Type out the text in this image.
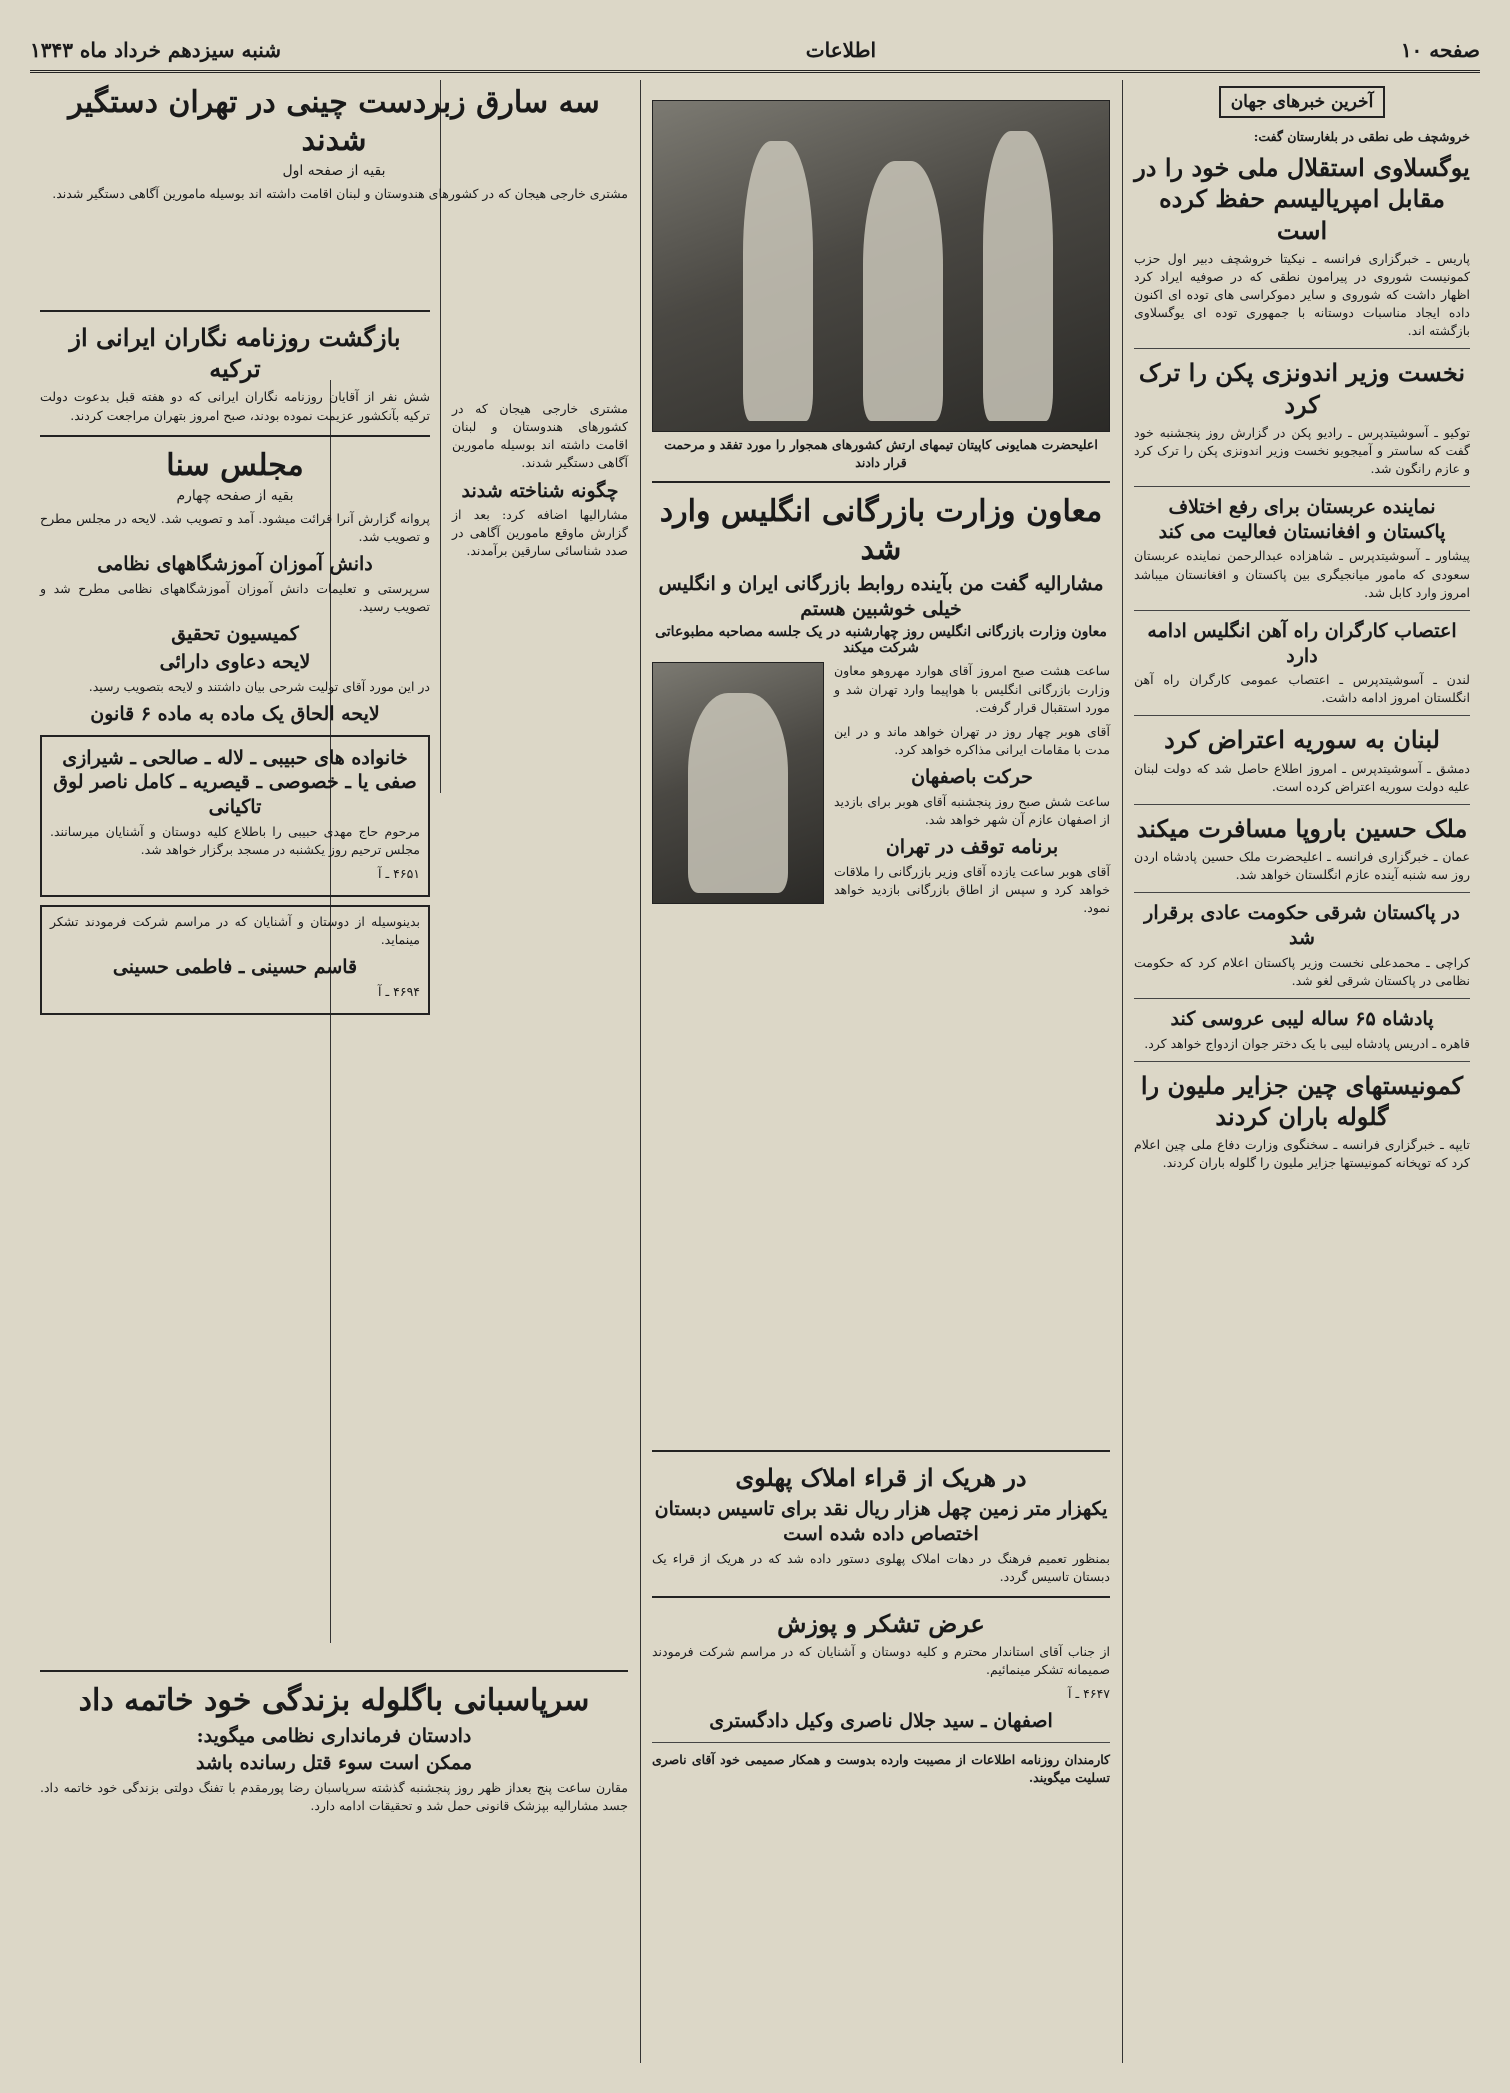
صفحه ١٠
اطلاعات
شنبه سیزدهم خرداد ماه ۱۳۴۳
آخرین خبرهای جهان
خروشچف طی نطقی در بلغارستان گفت:
یوگسلاوی استقلال ملی خود را در مقابل امپریالیسم حفظ کرده است
پاریس ـ خبرگزاری فرانسه ـ نیکیتا خروشچف دبیر اول حزب کمونیست شوروی در پیرامون نطقی که در صوفیه ایراد کرد اظهار داشت که شوروی و سایر دموکراسی های توده ای اکنون داده ایجاد مناسبات دوستانه با جمهوری توده ای یوگسلاوی بازگشته اند.
نخست وزیر اندونزی پکن را ترک کرد
توکیو ـ آسوشیتدپرس ـ رادیو پکن در گزارش روز پنجشنبه خود گفت که ساستر و آمیجویو نخست وزیر اندونزی پکن را ترک کرد و عازم رانگون شد.
نماینده عربستان برای رفع اختلاف پاکستان و افغانستان فعالیت می کند
پیشاور ـ آسوشیتدپرس ـ شاهزاده عبدالرحمن نماینده عربستان سعودی که مامور میانجیگری بین پاکستان و افغانستان میباشد امروز وارد کابل شد.
اعتصاب کارگران راه آهن انگلیس ادامه دارد
لندن ـ آسوشیتدپرس ـ اعتصاب عمومی کارگران راه آهن انگلستان امروز ادامه داشت.
لبنان به سوریه اعتراض کرد
دمشق ـ آسوشیتدپرس ـ امروز اطلاع حاصل شد که دولت لبنان علیه دولت سوریه اعتراض کرده است.
ملک حسین باروپا مسافرت میکند
عمان ـ خبرگزاری فرانسه ـ اعلیحضرت ملک حسین پادشاه اردن روز سه شنبه آینده عازم انگلستان خواهد شد.
در پاکستان شرقی حکومت عادی برقرار شد
کراچی ـ محمدعلی نخست وزیر پاکستان اعلام کرد که حکومت نظامی در پاکستان شرقی لغو شد.
پادشاه ۶۵ ساله لیبی عروسی کند
قاهره ـ ادریس پادشاه لیبی با یک دختر جوان ازدواج خواهد کرد.
کمونیستهای چین جزایر ملیون را گلوله باران کردند
تایپه ـ خبرگزاری فرانسه ـ سخنگوی وزارت دفاع ملی چین اعلام کرد که توپخانه کمونیستها جزایر ملیون را گلوله باران کردند.
اعلیحضرت همایونی کاپیتان تیمهای ارتش کشورهای همجوار را مورد تفقد و مرحمت قرار دادند
معاون وزارت بازرگانی انگلیس وارد شد
مشارالیه گفت من بآینده روابط بازرگانی ایران و انگلیس خیلی خوشبین هستم
معاون وزارت بازرگانی انگلیس روز چهارشنبه در یک جلسه مصاحبه مطبوعاتی شرکت میکند
ساعت هشت صبح امروز آقای هوارد مهروهو معاون وزارت بازرگانی انگلیس با هواپیما وارد تهران شد و مورد استقبال قرار گرفت.
آقای هوبر چهار روز در تهران خواهد ماند و در این مدت با مقامات ایرانی مذاکره خواهد کرد.
حرکت باصفهان
ساعت شش صبح روز پنجشنبه آقای هوبر برای بازدید از اصفهان عازم آن شهر خواهد شد.
برنامه توقف در تهران
آقای هوبر ساعت یازده آقای وزیر بازرگانی را ملاقات خواهد کرد و سپس از اطاق بازرگانی بازدید خواهد نمود.
سه سارق زبردست چینی در تهران دستگیر شدند
بقیه از صفحه اول
مشتری خارجی هیجان که در کشورهای هندوستان و لبنان اقامت داشته اند بوسیله مامورین آگاهی دستگیر شدند.
مشتری خارجی هیجان که در کشورهای هندوستان و لبنان اقامت داشته اند بوسیله مامورین آگاهی دستگیر شدند.
چگونه شناخته شدند
مشارالیها اضافه کرد: بعد از گزارش ماوقع مامورین آگاهی در صدد شناسائی سارقین برآمدند.
بازگشت روزنامه نگاران ایرانی از ترکیه
شش نفر از آقایان روزنامه نگاران ایرانی که دو هفته قبل بدعوت دولت ترکیه بآنکشور عزیمت نموده بودند، صبح امروز بتهران مراجعت کردند.
مجلس سنا
بقیه از صفحه چهارم
پروانه گزارش آنرا قرائت میشود. آمد و تصویب شد. لایحه در مجلس مطرح و تصویب شد.
دانش آموزان آموزشگاههای نظامی
سرپرستی و تعلیمات دانش آموزان آموزشگاههای نظامی مطرح شد و تصویب رسید.
کمیسیون تحقیق
لایحه دعاوی دارائی
در این مورد آقای تولیت شرحی بیان داشتند و لایحه بتصویب رسید.
لایحه الحاق یک ماده به ماده ۶ قانون
خانواده های حبیبی ـ لاله ـ صالحی ـ شیرازی صفی یا ـ خصوصی ـ قیصریه ـ کامل ناصر لوق تاکیانی
مرحوم حاج مهدی حبیبی را باطلاع کلیه دوستان و آشنایان میرسانند. مجلس ترحیم روز یکشنبه در مسجد برگزار خواهد شد.
۴۶۵۱ ـ آ
بدینوسیله از دوستان و آشنایان که در مراسم شرکت فرمودند تشکر مینماید.
قاسم حسینی ـ فاطمی حسینی
۴۶۹۴ ـ آ
در هریک از قراء املاک پهلوی
یکهزار متر زمین چهل هزار ریال نقد برای تاسیس دبستان اختصاص داده شده است
بمنظور تعمیم فرهنگ در دهات املاک پهلوی دستور داده شد که در هریک از قراء یک دبستان تاسیس گردد.
عرض تشکر و پوزش
از جناب آقای استاندار محترم و کلیه دوستان و آشنایان که در مراسم شرکت فرمودند صمیمانه تشکر مینمائیم.
۴۶۴۷ ـ آ
اصفهان ـ سید جلال ناصری وکیل دادگستری
کارمندان روزنامه اطلاعات از مصیبت وارده بدوست و همکار صمیمی خود آقای ناصری تسلیت میگویند.
سرپاسبانی باگلوله بزندگی خود خاتمه داد
دادستان فرمانداری نظامی میگوید:
ممکن است سوء قتل رسانده باشد
مقارن ساعت پنج بعداز ظهر روز پنجشنبه گذشته سرپاسبان رضا پورمقدم با تفنگ دولتی بزندگی خود خاتمه داد. جسد مشارالیه بپزشک قانونی حمل شد و تحقیقات ادامه دارد.
